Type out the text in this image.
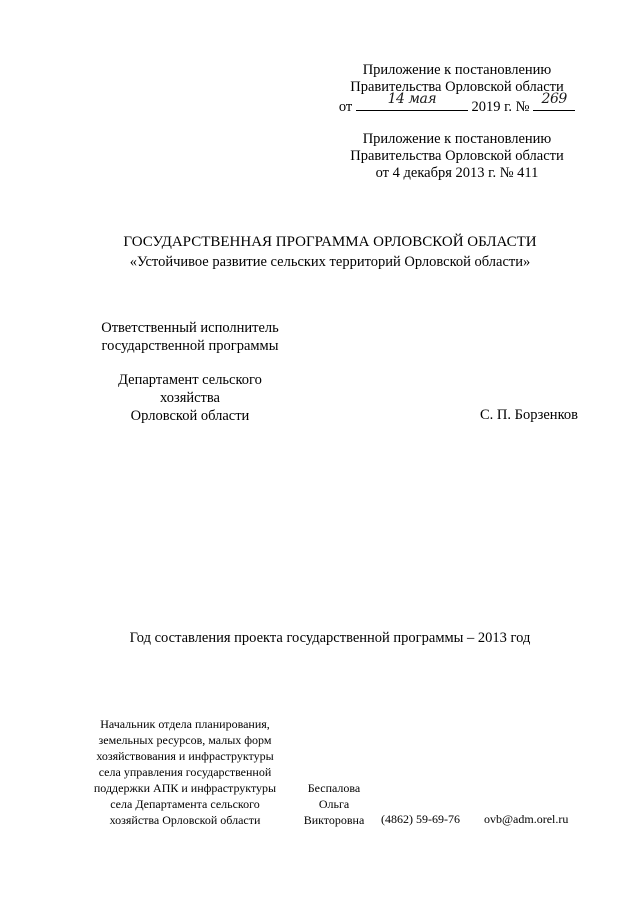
Приложение к постановлению
Правительства Орловской области
от	14 мая	2019 г. № 269
Приложение к постановлению
Правительства Орловской области
от 4 декабря 2013 г. № 411
ГОСУДАРСТВЕННАЯ ПРОГРАММА ОРЛОВСКОЙ ОБЛАСТИ
«Устойчивое развитие сельских территорий Орловской области»
Ответственный исполнитель
государственной программы
Департамент сельского
хозяйства
Орловской области	С. П. Борзенков
Год составления проекта государственной программы – 2013 год
Начальник отдела планирования,
земельных ресурсов, малых форм
хозяйствования и инфраструктуры
села управления государственной
поддержки АПК и инфраструктуры
села Департамента сельского
хозяйства Орловской области
Беспалова
Ольга
Викторовна	(4862) 59-69-76 ovb@adm.orel.ru
